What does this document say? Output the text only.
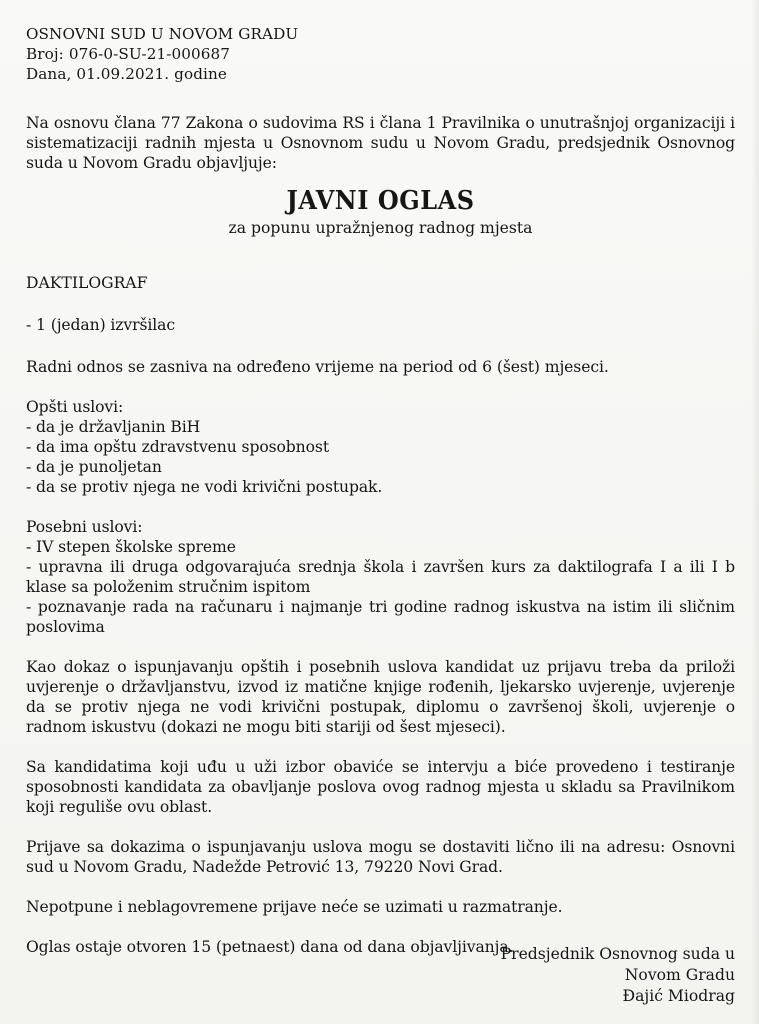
OSNOVNI SUD U NOVOM GRADU
Broj: 076-0-SU-21-000687
Dana, 01.09.2021. godine
Na osnovu člana 77 Zakona o sudovima RS i člana 1 Pravilnika o unutrašnjoj organizaciji i sistematizaciji radnih mjesta u Osnovnom sudu u Novom Gradu, predsjednik Osnovnog suda u Novom Gradu objavljuje:
JAVNI OGLAS
za popunu upražnjenog radnog mjesta
DAKTILOGRAF
- 1 (jedan) izvršilac
Radni odnos se zasniva na određeno vrijeme na period od 6 (šest) mjeseci.
Opšti uslovi:
- da je državljanin BiH
- da ima opštu zdravstvenu sposobnost
- da je punoljetan
- da se protiv njega ne vodi krivični postupak.
Posebni uslovi:
- IV stepen školske spreme
- upravna ili druga odgovarajuća srednja škola i završen kurs za daktilografa I a ili I b klase sa položenim stručnim ispitom
- poznavanje rada na računaru i najmanje tri godine radnog iskustva na istim ili sličnim poslovima
Kao dokaz o ispunjavanju opštih i posebnih uslova kandidat uz prijavu treba da priloži uvjerenje o državljanstvu, izvod iz matične knjige rođenih, ljekarsko uvjerenje, uvjerenje da se protiv njega ne vodi krivični postupak, diplomu o završenoj školi, uvjerenje o radnom iskustvu (dokazi ne mogu biti stariji od šest mjeseci).
Sa kandidatima koji uđu u uži izbor obaviće se intervju a biće provedeno i testiranje sposobnosti kandidata za obavljanje poslova ovog radnog mjesta u skladu sa Pravilnikom koji reguliše ovu oblast.
Prijave sa dokazima o ispunjavanju uslova mogu se dostaviti lično ili na adresu: Osnovni sud u Novom Gradu, Nadežde Petrović 13, 79220 Novi Grad.
Nepotpune i neblagovremene prijave neće se uzimati u razmatranje.
Oglas ostaje otvoren 15 (petnaest) dana od dana objavljivanja.
Predsjednik Osnovnog suda u
Novom Gradu
Đajić Miodrag
